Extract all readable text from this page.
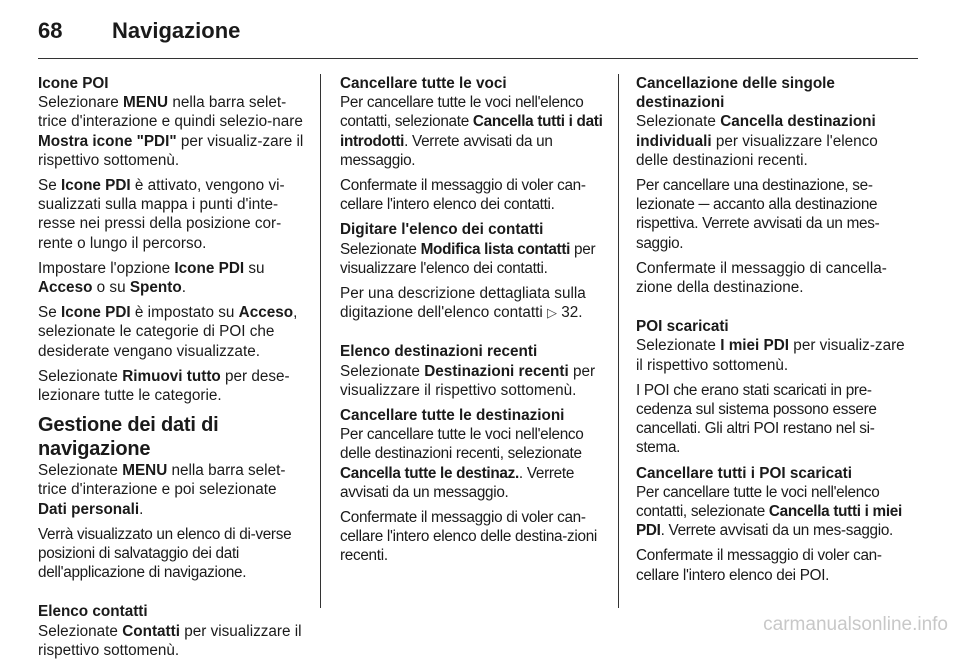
68	Navigazione

Icone POI

Selezionare MENU nella barra selet-trice d'interazione e quindi selezio-nare Mostra icone "PDI" per visualiz-zare il rispettivo sottomenù.

Se Icone PDI è attivato, vengono vi-sualizzati sulla mappa i punti d'inte-resse nei pressi della posizione cor-rente o lungo il percorso.

Impostare l'opzione Icone PDI su Acceso o su Spento.

Se Icone PDI è impostato su Acceso, selezionate le categorie di POI che desiderate vengano visualizzate.

Selezionate Rimuovi tutto per dese-lezionare tutte le categorie.

Gestione dei dati di navigazione

Selezionate MENU nella barra selet-trice d'interazione e poi selezionate Dati personali.

Verrà visualizzato un elenco di di-verse posizioni di salvataggio dei dati dell'applicazione di navigazione.

Elenco contatti

Selezionate Contatti per visualizzare il rispettivo sottomenù.

Cancellare tutte le voci

Per cancellare tutte le voci nell'elenco contatti, selezionate Cancella tutti i dati introdotti. Verrete avvisati da un messaggio.

Confermate il messaggio di voler can-cellare l'intero elenco dei contatti.

Digitare l'elenco dei contatti

Selezionate Modifica lista contatti per visualizzare l'elenco dei contatti.

Per una descrizione dettagliata sulla digitazione dell'elenco contatti ▷ 32.

Elenco destinazioni recenti

Selezionate Destinazioni recenti per visualizzare il rispettivo sottomenù.

Cancellare tutte le destinazioni

Per cancellare tutte le voci nell'elenco delle destinazioni recenti, selezionate Cancella tutte le destinaz.. Verrete avvisati da un messaggio.

Confermate il messaggio di voler can-cellare l'intero elenco delle destina-zioni recenti.

Cancellazione delle singole destinazioni

Selezionate Cancella destinazioni individuali per visualizzare l'elenco delle destinazioni recenti.

Per cancellare una destinazione, se-lezionate ─ accanto alla destinazione rispettiva. Verrete avvisati da un mes-saggio.

Confermate il messaggio di cancella-zione della destinazione.

POI scaricati

Selezionate I miei PDI per visualiz-zare il rispettivo sottomenù.

I POI che erano stati scaricati in pre-cedenza sul sistema possono essere cancellati. Gli altri POI restano nel si-stema.

Cancellare tutti i POI scaricati

Per cancellare tutte le voci nell'elenco contatti, selezionate Cancella tutti i miei PDI. Verrete avvisati da un mes-saggio.

Confermate il messaggio di voler can-cellare l'intero elenco dei POI.

carmanualsonline.info
